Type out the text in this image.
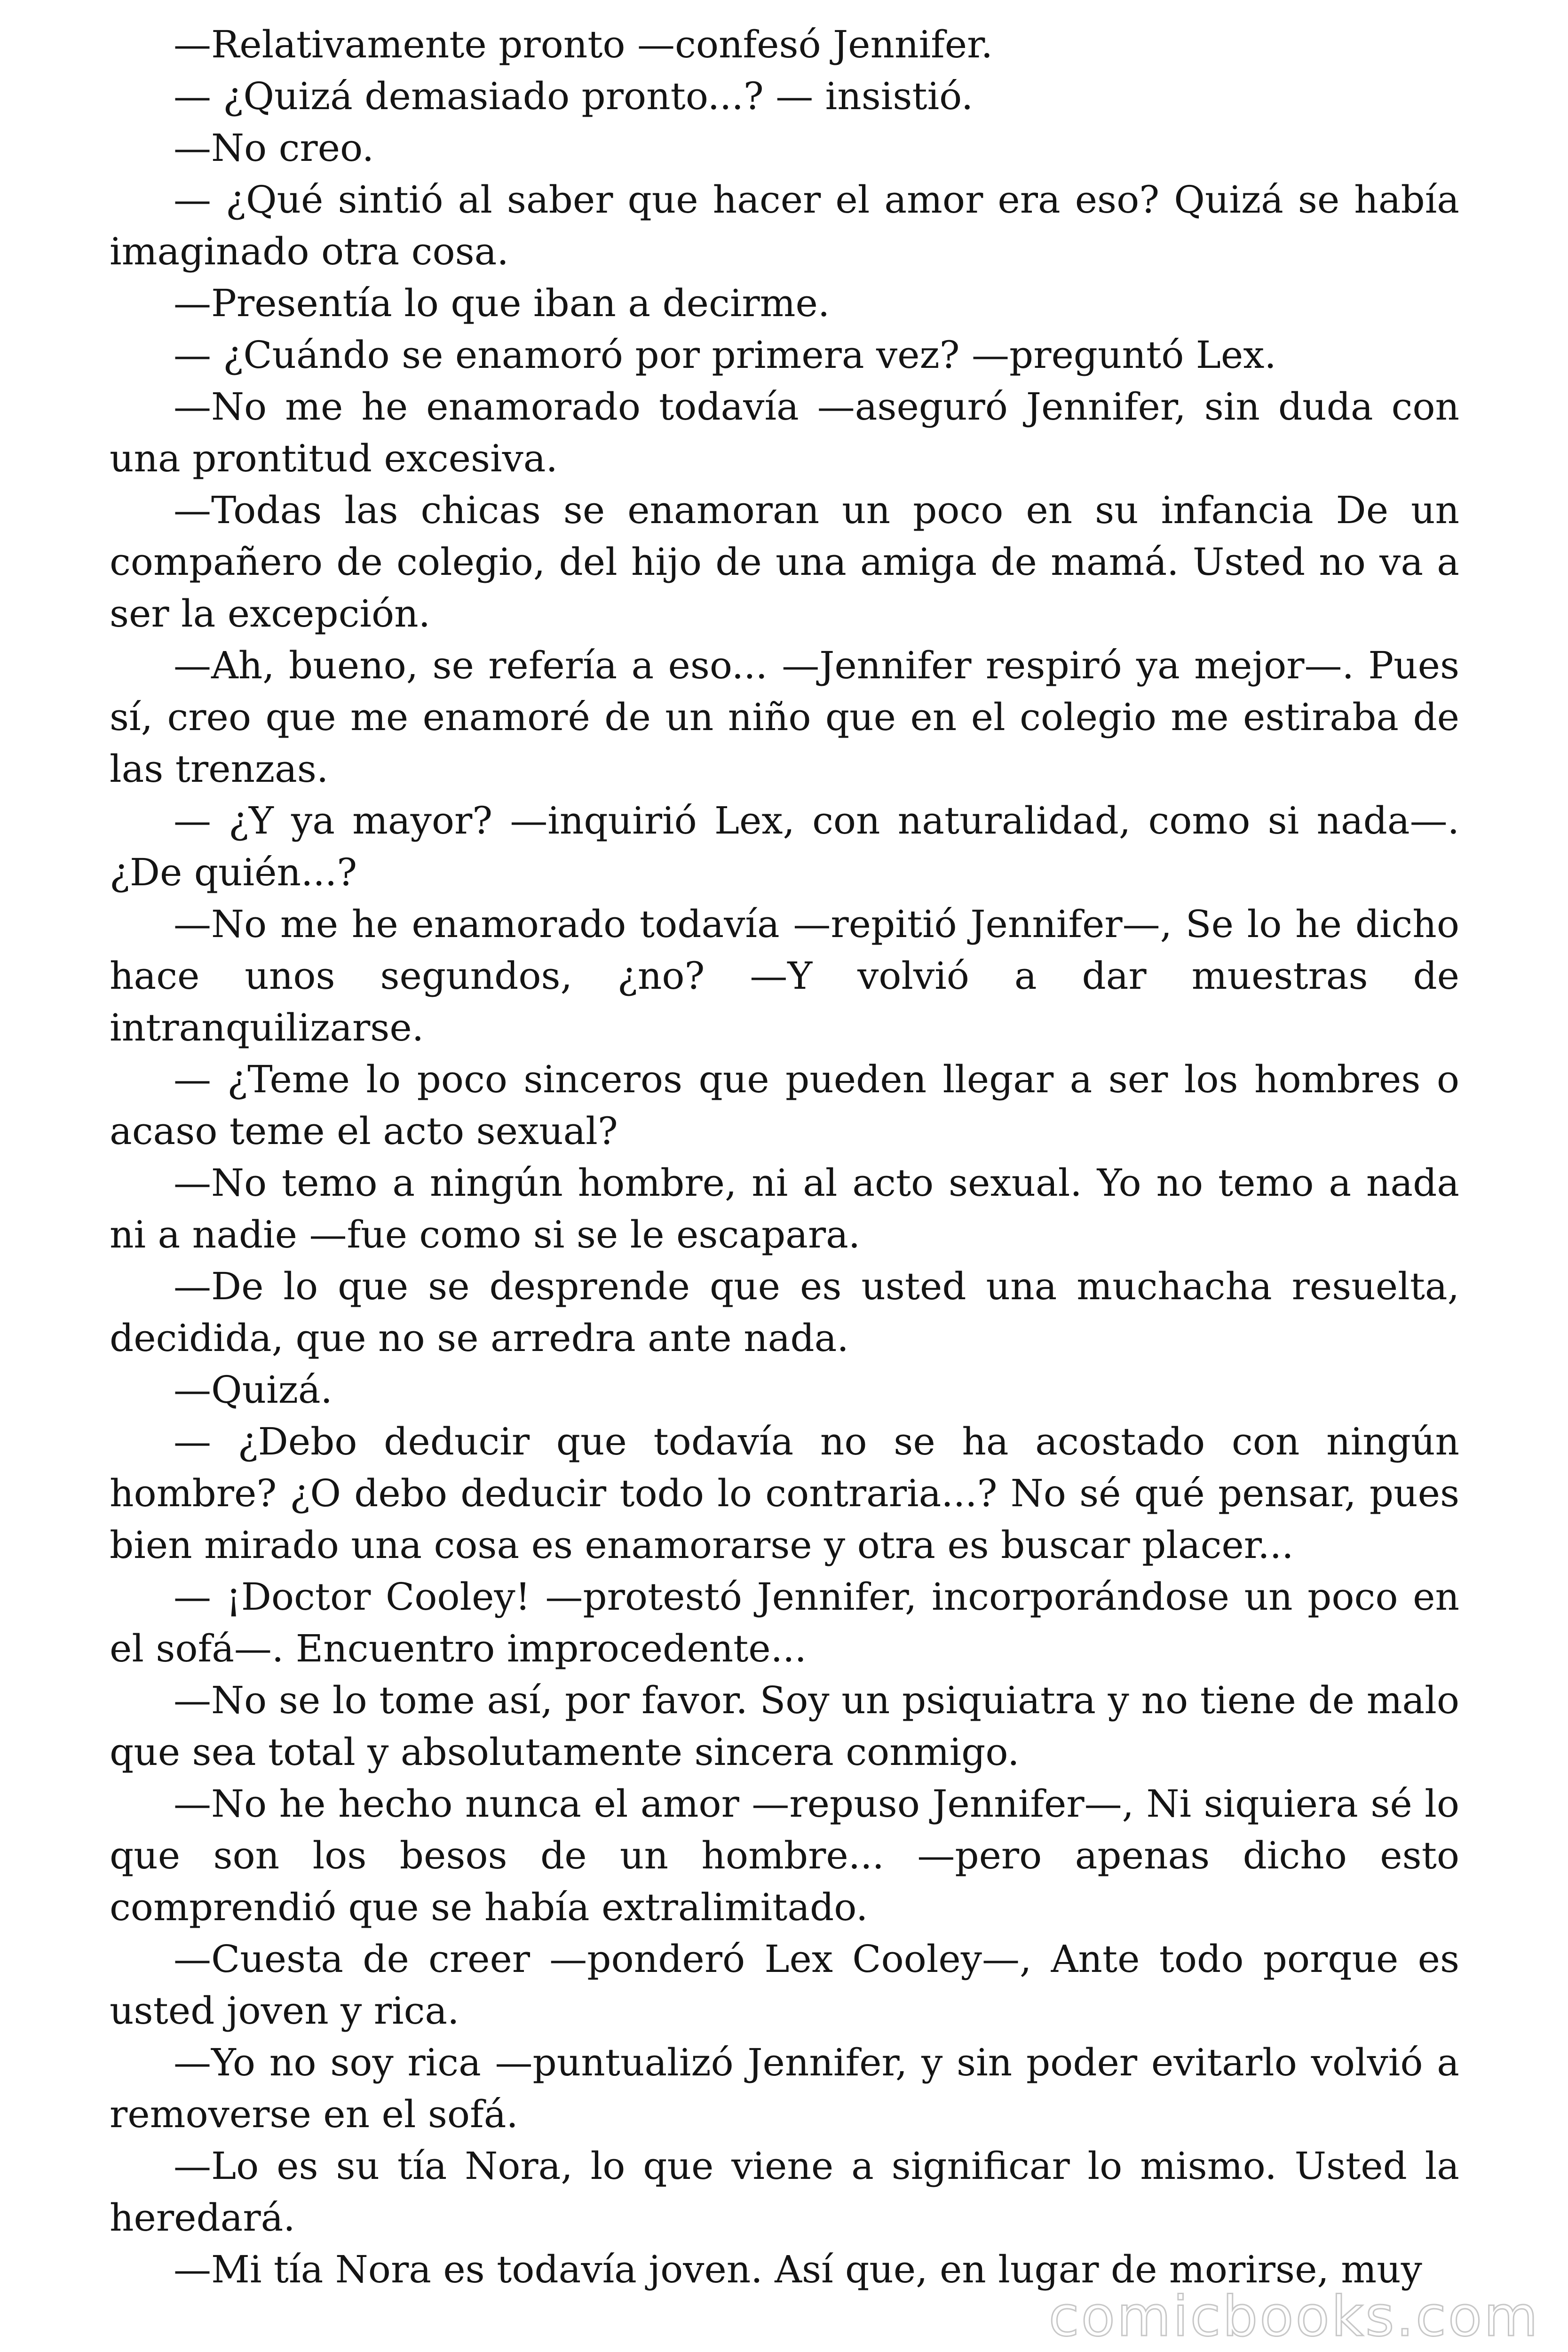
—Relativamente pronto —confesó Jennifer.

— ¿Quizá demasiado pronto...? — insistió.

—No creo.

— ¿Qué sintió al saber que hacer el amor era eso? Quizá se había imaginado otra cosa.

—Presentía lo que iban a decirme.

— ¿Cuándo se enamoró por primera vez? —preguntó Lex.

—No me he enamorado todavía —aseguró Jennifer, sin duda con una prontitud excesiva.

—Todas las chicas se enamoran un poco en su infancia De un compañero de colegio, del hijo de una amiga de mamá. Usted no va a ser la excepción.

—Ah, bueno, se refería a eso... —Jennifer respiró ya mejor—. Pues sí, creo que me enamoré de un niño que en el colegio me estiraba de las trenzas.

— ¿Y ya mayor? —inquirió Lex, con naturalidad, como si nada—. ¿De quién...?

—No me he enamorado todavía —repitió Jennifer—, Se lo he dicho hace unos segundos, ¿no? —Y volvió a dar muestras de intranquilizarse.

— ¿Teme lo poco sinceros que pueden llegar a ser los hombres o acaso teme el acto sexual?

—No temo a ningún hombre, ni al acto sexual. Yo no temo a nada ni a nadie —fue como si se le escapara.

—De lo que se desprende que es usted una muchacha resuelta, decidida, que no se arredra ante nada.

—Quizá.

— ¿Debo deducir que todavía no se ha acostado con ningún hombre? ¿O debo deducir todo lo contraria...? No sé qué pensar, pues bien mirado una cosa es enamorarse y otra es buscar placer...

— ¡Doctor Cooley! —protestó Jennifer, incorporándose un poco en el sofá—. Encuentro improcedente...

—No se lo tome así, por favor. Soy un psiquiatra y no tiene de malo que sea total y absolutamente sincera conmigo.

—No he hecho nunca el amor —repuso Jennifer—, Ni siquiera sé lo que son los besos de un hombre... —pero apenas dicho esto comprendió que se había extralimitado.

—Cuesta de creer —ponderó Lex Cooley—, Ante todo porque es usted joven y rica.

—Yo no soy rica —puntualizó Jennifer, y sin poder evitarlo volvió a removerse en el sofá.

—Lo es su tía Nora, lo que viene a significar lo mismo. Usted la heredará.

—Mi tía Nora es todavía joven. Así que, en lugar de morirse, muy

comicbooks.com
